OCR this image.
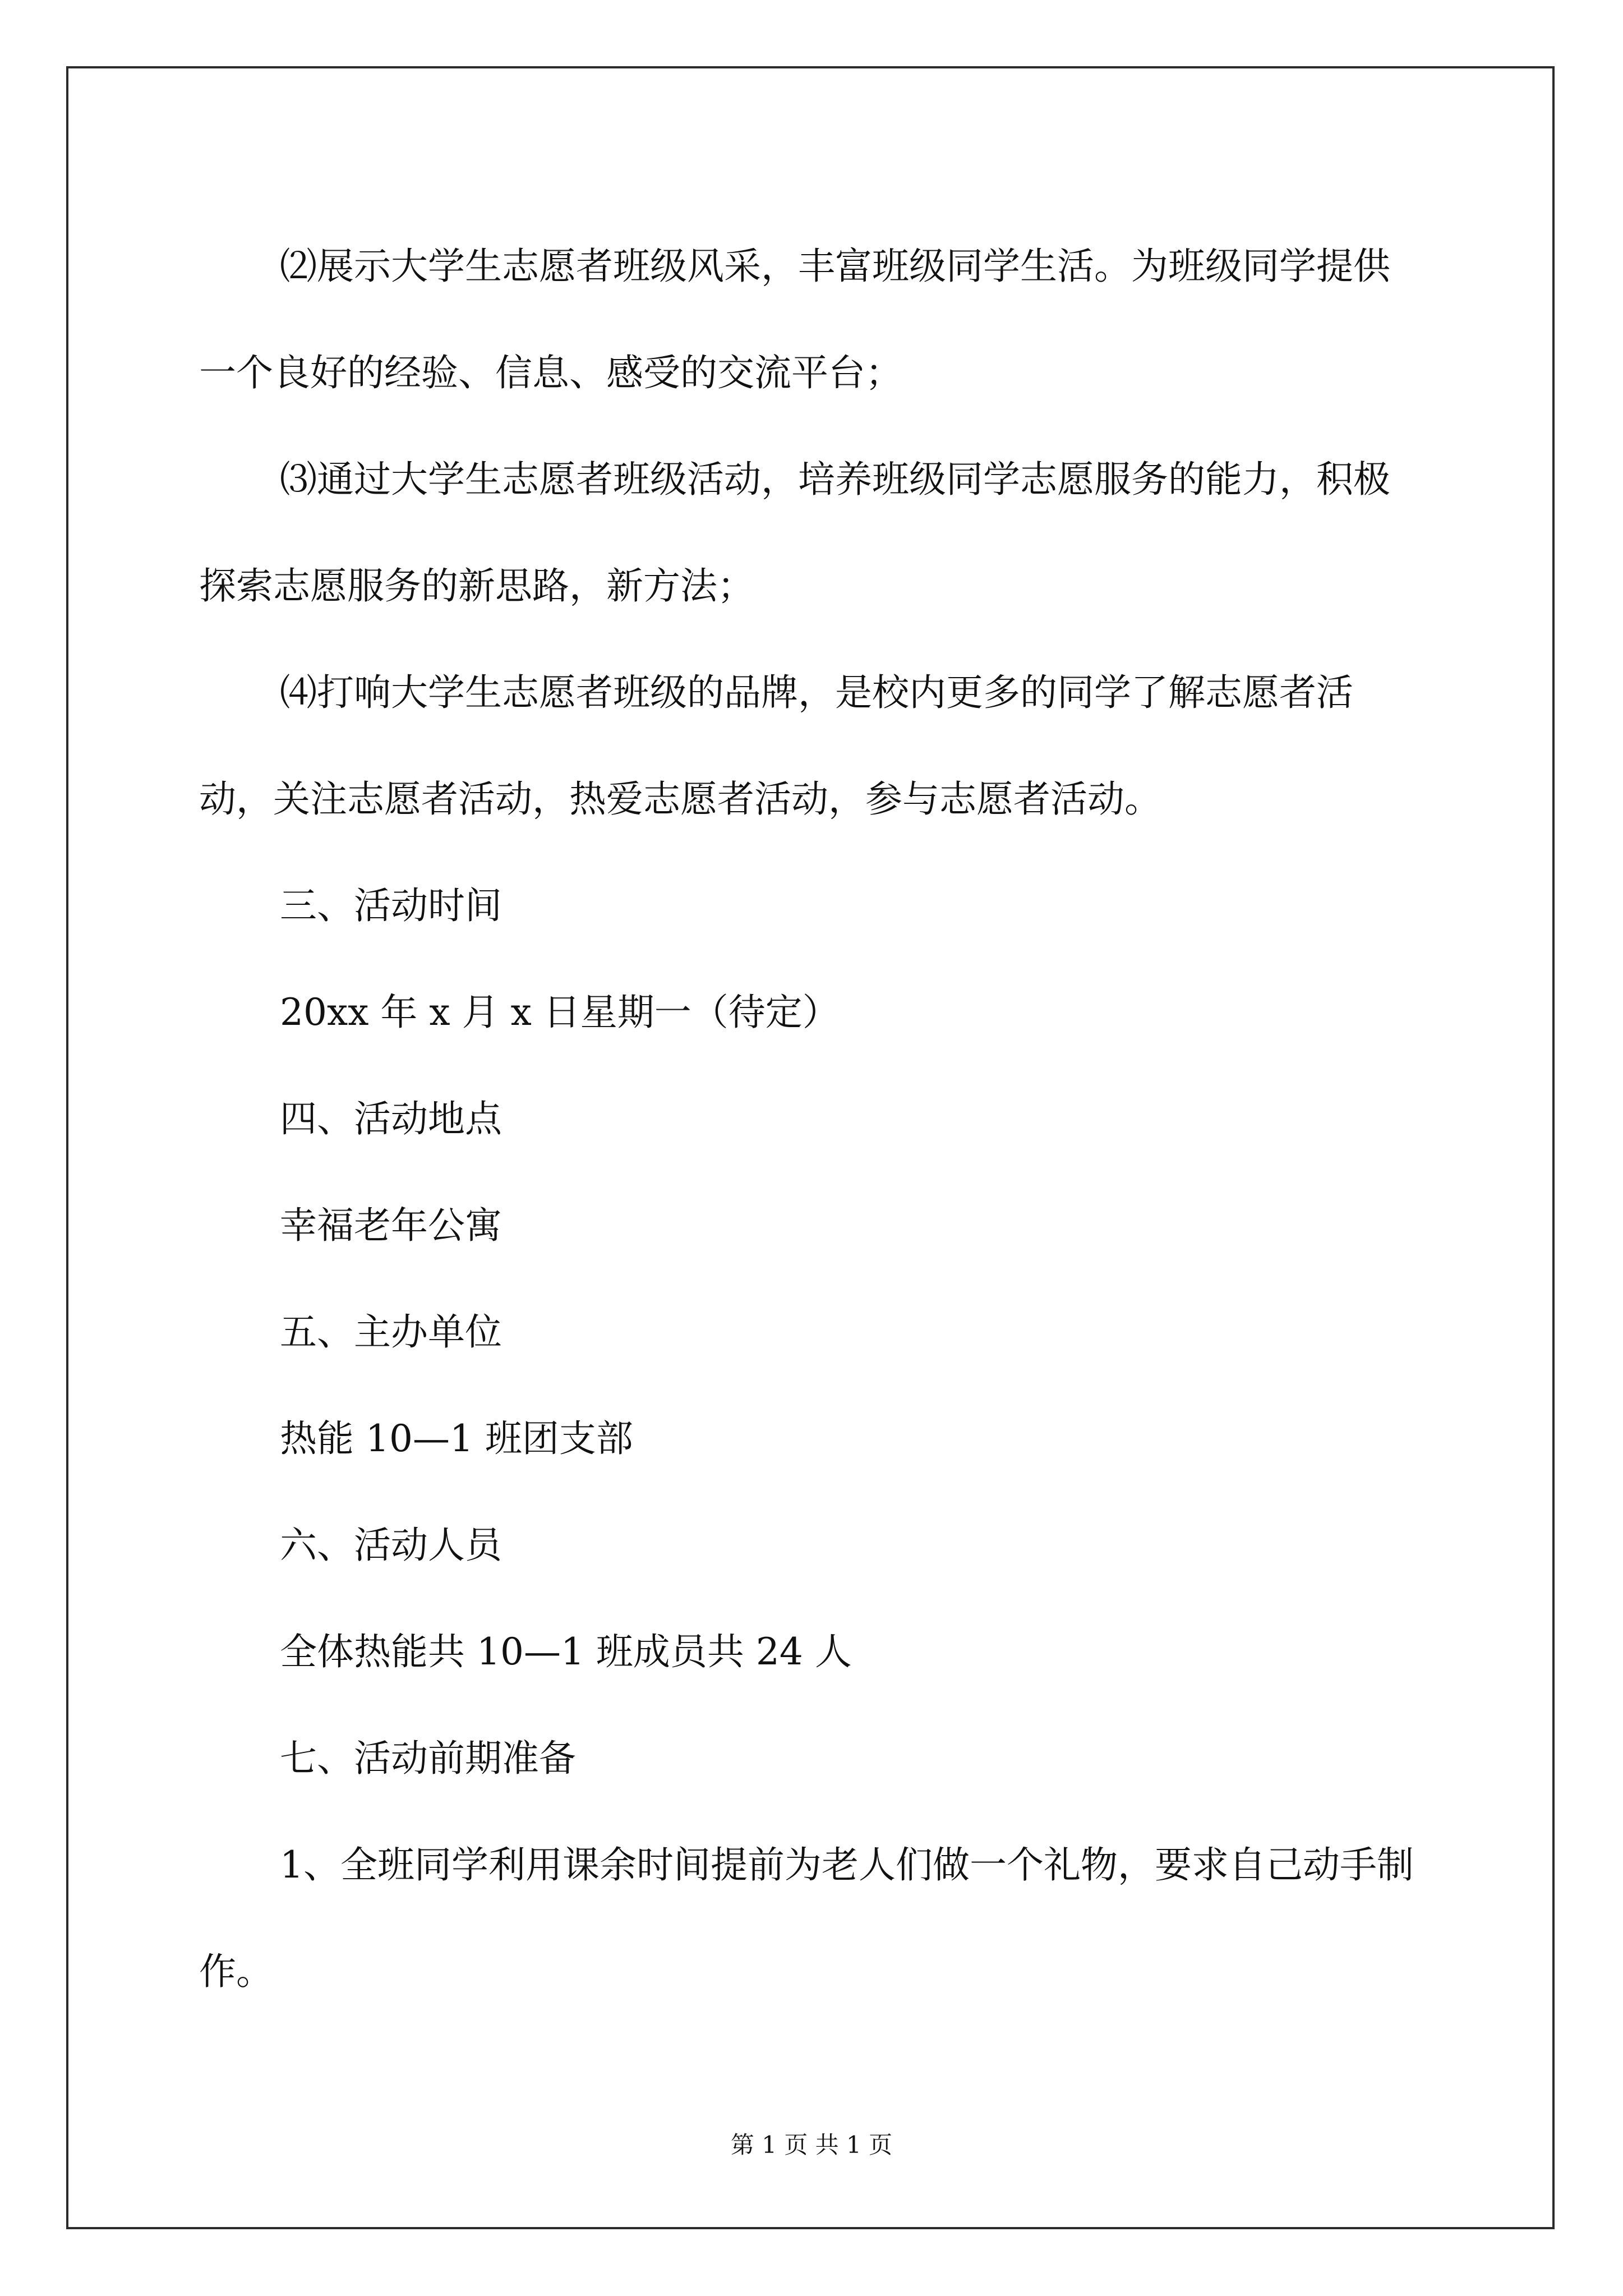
⑵展示大学生志愿者班级风采，丰富班级同学生活。为班级同学提供一个良好的经验、信息、感受的交流平台；

⑶通过大学生志愿者班级活动，培养班级同学志愿服务的能力，积极探索志愿服务的新思路，新方法；

⑷打响大学生志愿者班级的品牌，是校内更多的同学了解志愿者活动，关注志愿者活动，热爱志愿者活动，参与志愿者活动。

三、活动时间

20xx 年 x 月 x 日星期一（待定）

四、活动地点

幸福老年公寓

五、主办单位

热能 10—1 班团支部

六、活动人员

全体热能共 10—1 班成员共 24 人

七、活动前期准备

1、全班同学利用课余时间提前为老人们做一个礼物，要求自己动手制作。

第 1 页 共 1 页
